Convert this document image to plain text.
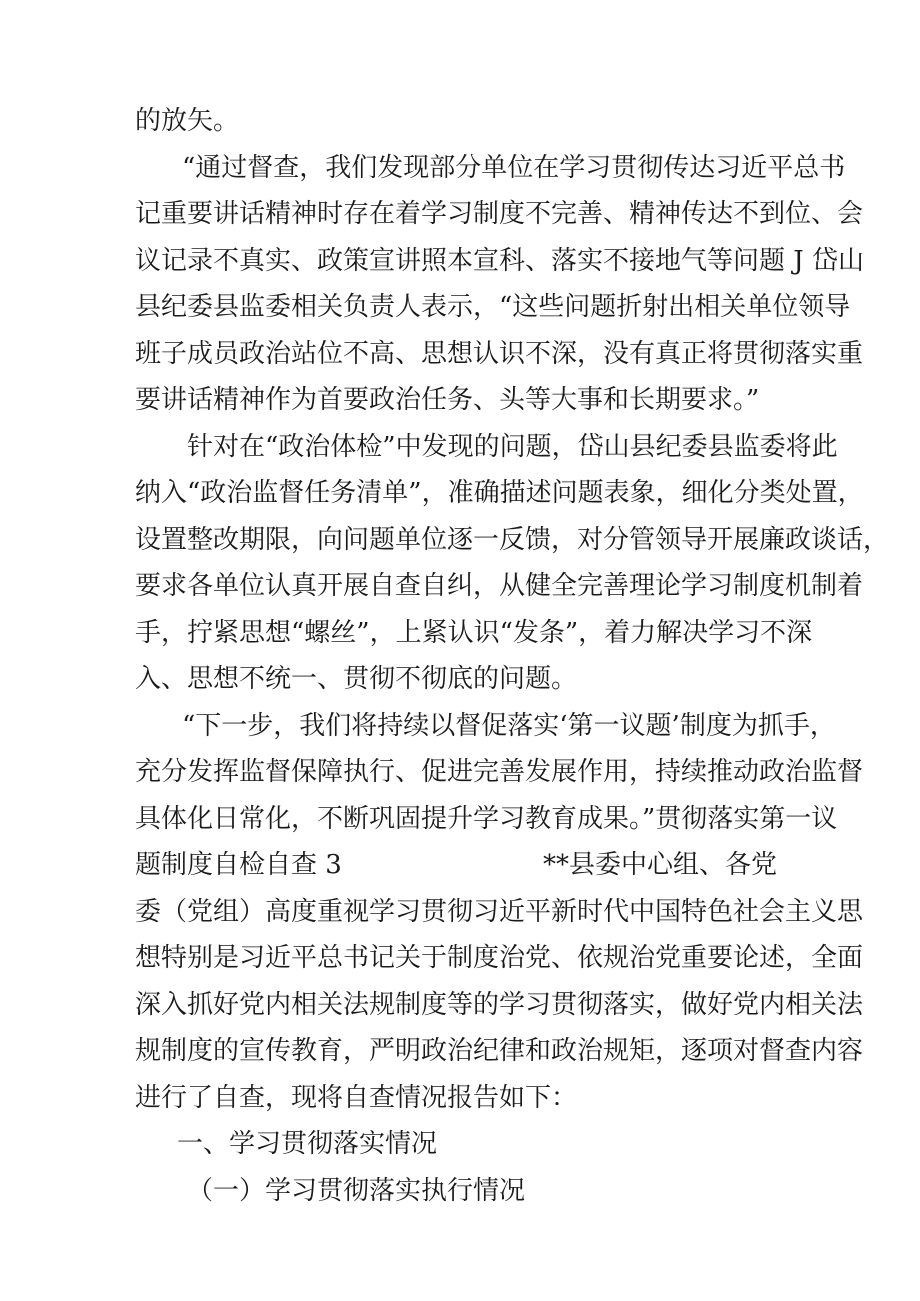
的放矢。
“通过督查，我们发现部分单位在学习贯彻传达习近平总书
记重要讲话精神时存在着学习制度不完善、精神传达不到位、会
议记录不真实、政策宣讲照本宣科、落实不接地气等问题 J 岱山
县纪委县监委相关负责人表示，“这些问题折射出相关单位领导
班子成员政治站位不高、思想认识不深，没有真正将贯彻落实重
要讲话精神作为首要政治任务、头等大事和长期要求。”
针对在“政治体检”中发现的问题，岱山县纪委县监委将此
纳入“政治监督任务清单”，准确描述问题表象，细化分类处置，
设置整改期限，向问题单位逐一反馈，对分管领导开展廉政谈话，
要求各单位认真开展自查自纠，从健全完善理论学习制度机制着
手，拧紧思想“螺丝”，上紧认识“发条”，着力解决学习不深
入、思想不统一、贯彻不彻底的问题。
“下一步，我们将持续以督促落实‘第一议题’制度为抓手，
充分发挥监督保障执行、促进完善发展作用，持续推动政治监督
具体化日常化，不断巩固提升学习教育成果。”贯彻落实第一议
题制度自检自查 3	**县委中心组、各党
委（党组）高度重视学习贯彻习近平新时代中国特色社会主义思
想特别是习近平总书记关于制度治党、依规治党重要论述，全面
深入抓好党内相关法规制度等的学习贯彻落实，做好党内相关法
规制度的宣传教育，严明政治纪律和政治规矩，逐项对督查内容
进行了自查，现将自查情况报告如下：
一、学习贯彻落实情况
（一）学习贯彻落实执行情况
